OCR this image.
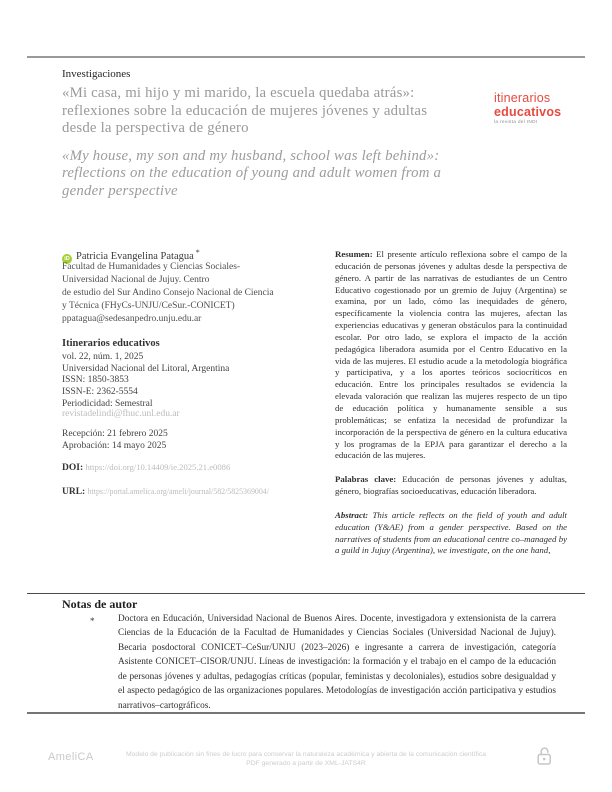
Investigaciones
«Mi casa, mi hijo y mi marido, la escuela quedaba atrás»:
reflexiones sobre la educación de mujeres jóvenes y adultas
desde la perspectiva de género
«My house, my son and my husband, school was left behind»:
reflections on the education of young and adult women from a
gender perspective
itinerarios
educativos
la revista del INDI
iD Patricia Evangelina Patagua *
Facultad de Humanidades y Ciencias Sociales-
Universidad Nacional de Jujuy. Centro
de estudio del Sur Andino Consejo Nacional de Ciencia
y Técnica (FHyCs-UNJU/CeSur.-CONICET)
ppatagua@sedesanpedro.unju.edu.ar
Itinerarios educativos
vol. 22, núm. 1, 2025
Universidad Nacional del Litoral, Argentina
ISSN: 1850-3853
ISSN-E: 2362-5554
Periodicidad: Semestral
revistadelindi@fhuc.unl.edu.ar
Recepción: 21 febrero 2025
Aprobación: 14 mayo 2025
DOI: https://doi.org/10.14409/ie.2025.21.e0086
URL: https://portal.amelica.org/ameli/journal/582/5825369004/

Resumen: El presente artículo reflexiona sobre el campo de la educación de personas jóvenes y adultas desde la perspectiva de género. A partir de las narrativas de estudiantes de un Centro Educativo cogestionado por un gremio de Jujuy (Argentina) se examina, por un lado, cómo las inequidades de género, específicamente la violencia contra las mujeres, afectan las experiencias educativas y generan obstáculos para la continuidad escolar. Por otro lado, se explora el impacto de la acción pedagógica liberadora asumida por el Centro Educativo en la vida de las mujeres. El estudio acude a la metodología biográfica y participativa, y a los aportes teóricos sociocríticos en educación. Entre los principales resultados se evidencia la elevada valoración que realizan las mujeres respecto de un tipo de educación política y humanamente sensible a sus problemáticas; se enfatiza la necesidad de profundizar la incorporación de la perspectiva de género en la cultura educativa y los programas de la EPJA para garantizar el derecho a la educación de las mujeres.

Palabras clave: Educación de personas jóvenes y adultas, género, biografías socioeducativas, educación liberadora.

Abstract: This article reflects on the field of youth and adult education (Y&AE) from a gender perspective. Based on the narratives of students from an educational centre co–managed by a guild in Jujuy (Argentina), we investigate, on the one hand,

Notas de autor
*	Doctora en Educación, Universidad Nacional de Buenos Aires. Docente, investigadora y extensionista de la carrera Ciencias de la Educación de la Facultad de Humanidades y Ciencias Sociales (Universidad Nacional de Jujuy). Becaria posdoctoral CONICET–CeSur/UNJU (2023–2026) e ingresante a carrera de investigación, categoría Asistente CONICET–CISOR/UNJU. Líneas de investigación: la formación y el trabajo en el campo de la educación de personas jóvenes y adultas, pedagogías críticas (popular, feministas y decoloniales), estudios sobre desigualdad y el aspecto pedagógico de las organizaciones populares. Metodologías de investigación acción participativa y estudios narrativos–cartográficos.
AmeliCA	Modelo de publicación sin fines de lucro para conservar la naturaleza académica y abierta de la comunicación científica
PDF generado a partir de XML-JATS4R
